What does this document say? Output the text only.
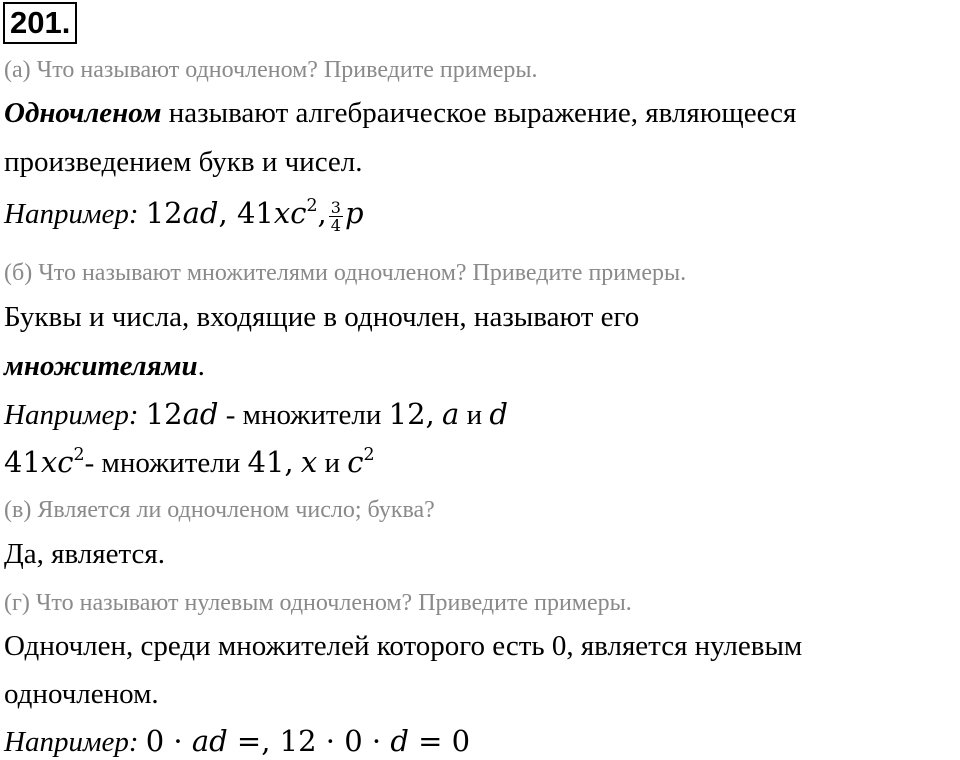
201.
(а) Что называют одночленом? Приведите примеры.
Одночленом называют алгебраическое выражение, являющееся
произведением букв и чисел.
Например: 12ad, $41xc^2$, $\frac{3}{4}$ p
(б) Что называют множителями одночленом? Приведите примеры.
Буквы и числа, входящие в одночлен, называют его
множителями.
Например: 12ad - множители 12, a и d
$41xc^2-$ множители 41, x и $c^2$
(в) Является ли одночленом число; буква?
Да, является.
(г) Что называют нулевым одночленом? Приведите примеры.
Одночлен, среди множителей которого есть 0, является нулевым
одночленом.
Например: 0 · ad =, 12 · 0 · d = 0
